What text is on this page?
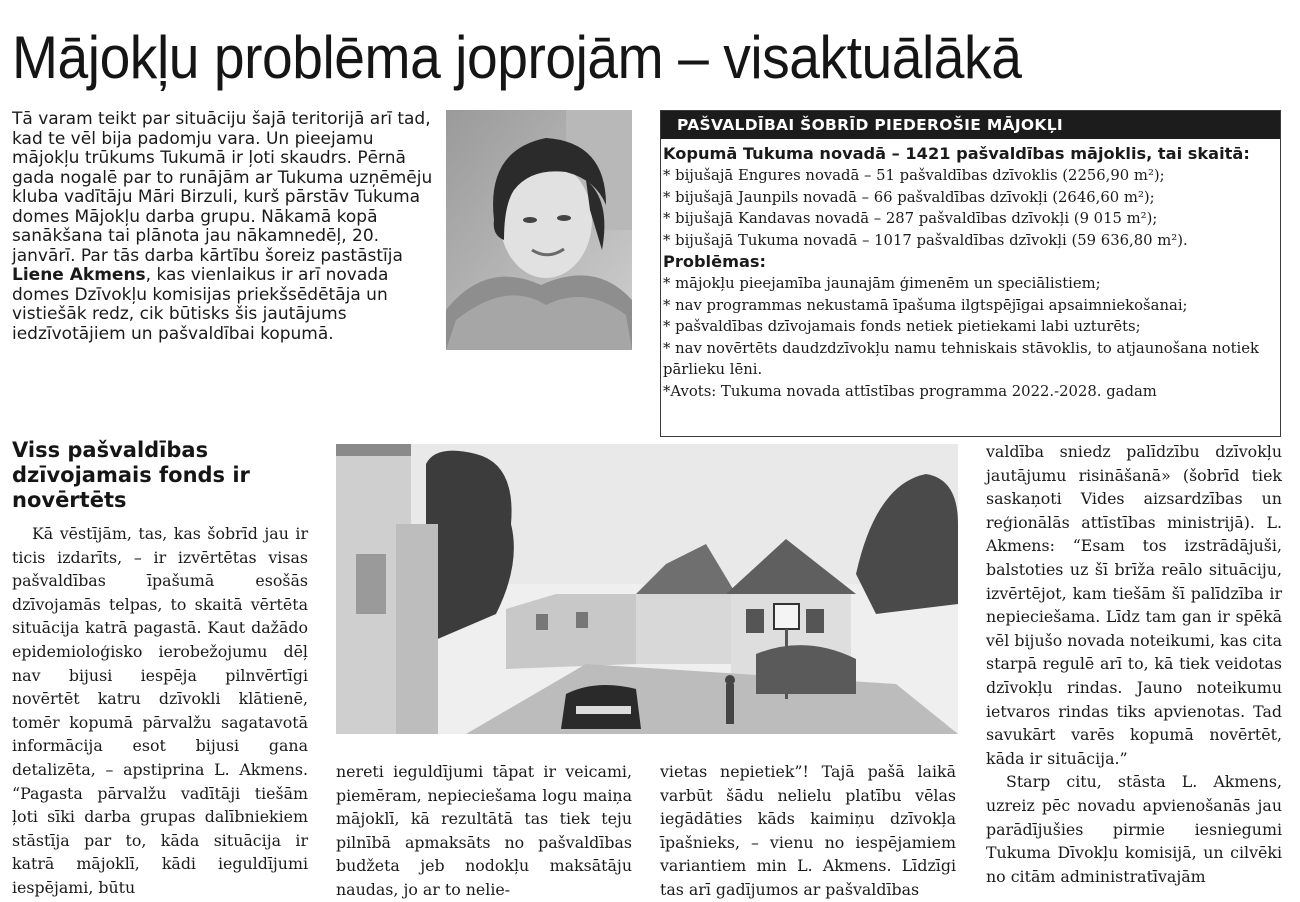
Mājokļu problēma joprojām – visaktuālākā

Tā varam teikt par situāciju šajā teritorijā arī tad, kad te vēl bija padomju vara. Un pieejamu mājokļu trūkums Tukumā ir ļoti skaudrs. Pērnā gada nogalē par to runājām ar Tukuma uzņēmēju kluba vadītāju Māri Birzuli, kurš pārstāv Tukuma domes Mājokļu darba grupu. Nākamā kopā sanākšana tai plānota jau nākamnedēļ, 20. janvārī. Par tās darba kārtību šoreiz pastāstīja Liene Akmens, kas vienlaikus ir arī novada domes Dzīvokļu komisijas priekšsēdētāja un vistiešāk redz, cik būtisks šis jautājums iedzīvotājiem un pašvaldībai kopumā.

PAŠVALDĪBAI ŠOBRĪD PIEDEROŠIE MĀJOKĻI
Kopumā Tukuma novadā – 1421 pašvaldības mājoklis, tai skaitā:
* bijušajā Engures novadā – 51 pašvaldības dzīvoklis (2256,90 m²);
* bijušajā Jaunpils novadā – 66 pašvaldības dzīvokļi (2646,60 m²);
* bijušajā Kandavas novadā – 287 pašvaldības dzīvokļi (9 015 m²);
* bijušajā Tukuma novadā – 1017 pašvaldības dzīvokļi (59 636,80 m²).
Problēmas:
* mājokļu pieejamība jaunajām ģimenēm un speciālistiem;
* nav programmas nekustamā īpašuma ilgtspējīgai apsaimniekošanai;
* pašvaldības dzīvojamais fonds netiek pietiekami labi uzturēts;
* nav novērtēts daudzdzīvokļu namu tehniskais stāvoklis, to atjaunošana notiek pārlieku lēni.
*Avots: Tukuma novada attīstības programma 2022.-2028. gadam
Viss pašvaldības dzīvojamais fonds ir novērtēts

Kā vēstījām, tas, kas šobrīd jau ir ticis izdarīts, – ir izvērtētas visas pašvaldības īpašumā esošās dzīvojamās telpas, to skaitā vērtēta situācija katrā pagastā. Kaut dažādo epidemioloģisko ierobežojumu dēļ nav bijusi iespēja pilnvērtīgi novērtēt katru dzīvokli klātienē, tomēr kopumā pārvalžu sagatavotā informācija esot bijusi gana detalizēta, – apstiprina L. Akmens. “Pagasta pārvalžu vadītāji tiešām ļoti sīki darba grupas dalībniekiem stāstīja par to, kāda situācija ir katrā mājoklī, kādi ieguldījumi iespējami, būtu

nereti ieguldījumi tāpat ir veicami, piemēram, nepieciešama logu maiņa mājoklī, kā rezultātā tas tiek teju pilnībā apmaksāts no pašvaldības budžeta jeb nodokļu maksātāju naudas, jo ar to nelie-

vietas nepietiek”! Tajā pašā laikā varbūt šādu nelielu platību vēlas iegādāties kāds kaimiņu dzīvokļa īpašnieks, – vienu no iespējamiem variantiem min L. Akmens. Līdzīgi tas arī gadījumos ar pašvaldības

valdība sniedz palīdzību dzīvokļu jautājumu risināšanā» (šobrīd tiek saskaņoti Vides aizsardzības un reģionālās attīstības ministrijā). L. Akmens: “Esam tos izstrādājuši, balstoties uz šī brīža reālo situāciju, izvērtējot, kam tiešām šī palīdzība ir nepieciešama. Līdz tam gan ir spēkā vēl bijušo novada noteikumi, kas cita starpā regulē arī to, kā tiek veidotas dzīvokļu rindas. Jauno noteikumu ietvaros rindas tiks apvienotas. Tad savukārt varēs kopumā novērtēt, kāda ir situācija.”

Starp citu, stāsta L. Akmens, uzreiz pēc novadu apvienošanās jau parādījušies pirmie iesniegumi Tukuma Dīvokļu komisijā, un cilvēki no citām administratīvajām
